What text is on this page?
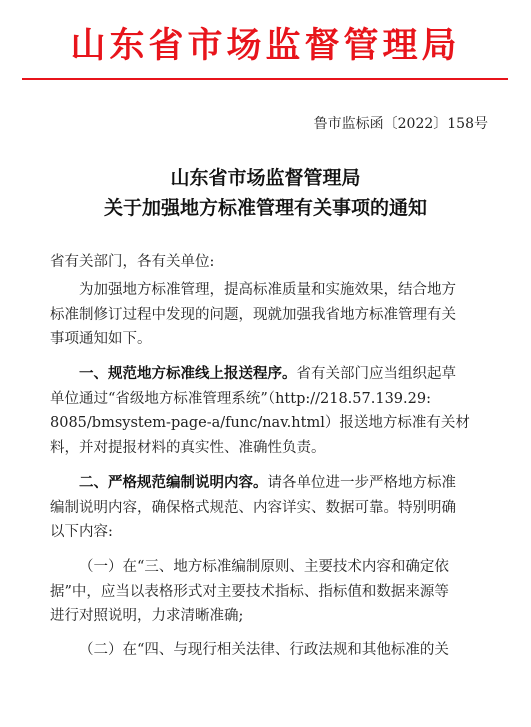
山东省市场监督管理局
鲁市监标函〔2022〕158号
山东省市场监督管理局
关于加强地方标准管理有关事项的通知
省有关部门，各有关单位:
为加强地方标准管理，提高标准质量和实施效果，结合地方
标准制修订过程中发现的问题，现就加强我省地方标准管理有关
事项通知如下。
一、规范地方标准线上报送程序。省有关部门应当组织起草
单位通过“省级地方标准管理系统”（http://218.57.139.29:
8085/bmsystem-page-a/func/nav.html）报送地方标准有关材
料，并对提报材料的真实性、准确性负责。
二、严格规范编制说明内容。请各单位进一步严格地方标准
编制说明内容，确保格式规范、内容详实、数据可靠。特别明确
以下内容:
（一）在“三、地方标准编制原则、主要技术内容和确定依
据”中，应当以表格形式对主要技术指标、指标值和数据来源等
进行对照说明，力求清晰准确;
（二）在“四、与现行相关法律、行政法规和其他标准的关
